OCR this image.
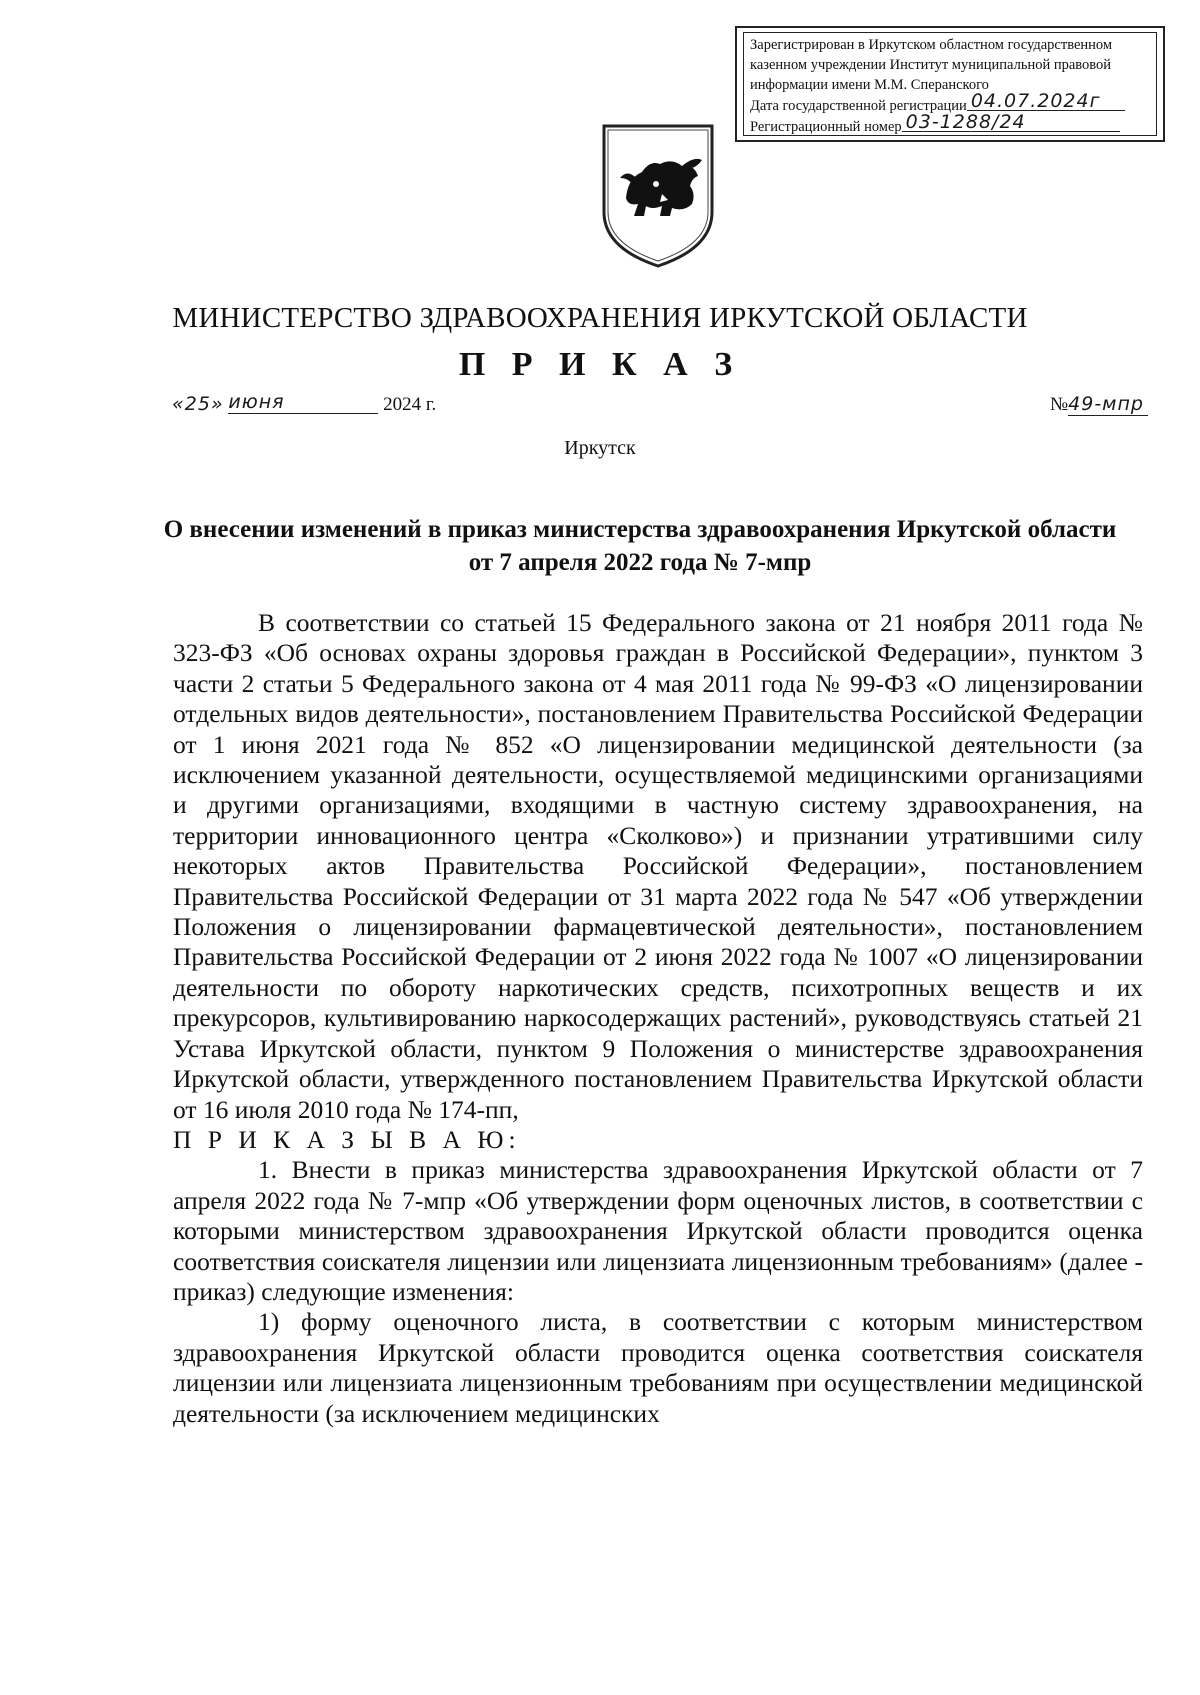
Зарегистрирован в Иркутском областном государственном
казенном учреждении Институт муниципальной правовой
информации имени М.М. Сперанского
Дата государственной регистрации 04.07.2024г
Регистрационный номер 03-1288/24
МИНИСТЕРСТВО ЗДРАВООХРАНЕНИЯ ИРКУТСКОЙ ОБЛАСТИ
П Р И К А З
«25» июня	2024 г.	№49-мпр
Иркутск
О внесении изменений в приказ министерства здравоохранения Иркутской области от 7 апреля 2022 года № 7-мпр

В соответствии со статьей 15 Федерального закона от 21 ноября 2011 года № 323-ФЗ «Об основах охраны здоровья граждан в Российской Федерации», пунктом 3 части 2 статьи 5 Федерального закона от 4 мая 2011 года № 99-ФЗ «О лицензировании отдельных видов деятельности», постановлением Правительства Российской Федерации от 1 июня 2021 года № 852 «О лицензировании медицинской деятельности (за исключением указанной деятельности, осуществляемой медицинскими организациями и другими организациями, входящими в частную систему здравоохранения, на территории инновационного центра «Сколково») и признании утратившими силу некоторых актов Правительства Российской Федерации», постановлением Правительства Российской Федерации от 31 марта 2022 года № 547 «Об утверждении Положения о лицензировании фармацевтической деятельности», постановлением Правительства Российской Федерации от 2 июня 2022 года № 1007 «О лицензировании деятельности по обороту наркотических средств, психотропных веществ и их прекурсоров, культивированию наркосодержащих растений», руководствуясь статьей 21 Устава Иркутской области, пунктом 9 Положения о министерстве здравоохранения Иркутской области, утвержденного постановлением Правительства Иркутской области от 16 июля 2010 года № 174-пп,

П Р И К А З Ы В А Ю:

1. Внести в приказ министерства здравоохранения Иркутской области от 7 апреля 2022 года № 7-мпр «Об утверждении форм оценочных листов, в соответствии с которыми министерством здравоохранения Иркутской области проводится оценка соответствия соискателя лицензии или лицензиата лицензионным требованиям» (далее - приказ) следующие изменения:

1) форму оценочного листа, в соответствии с которым министерством здравоохранения Иркутской области проводится оценка соответствия соискателя лицензии или лицензиата лицензионным требованиям при осуществлении медицинской деятельности (за исключением медицинских
